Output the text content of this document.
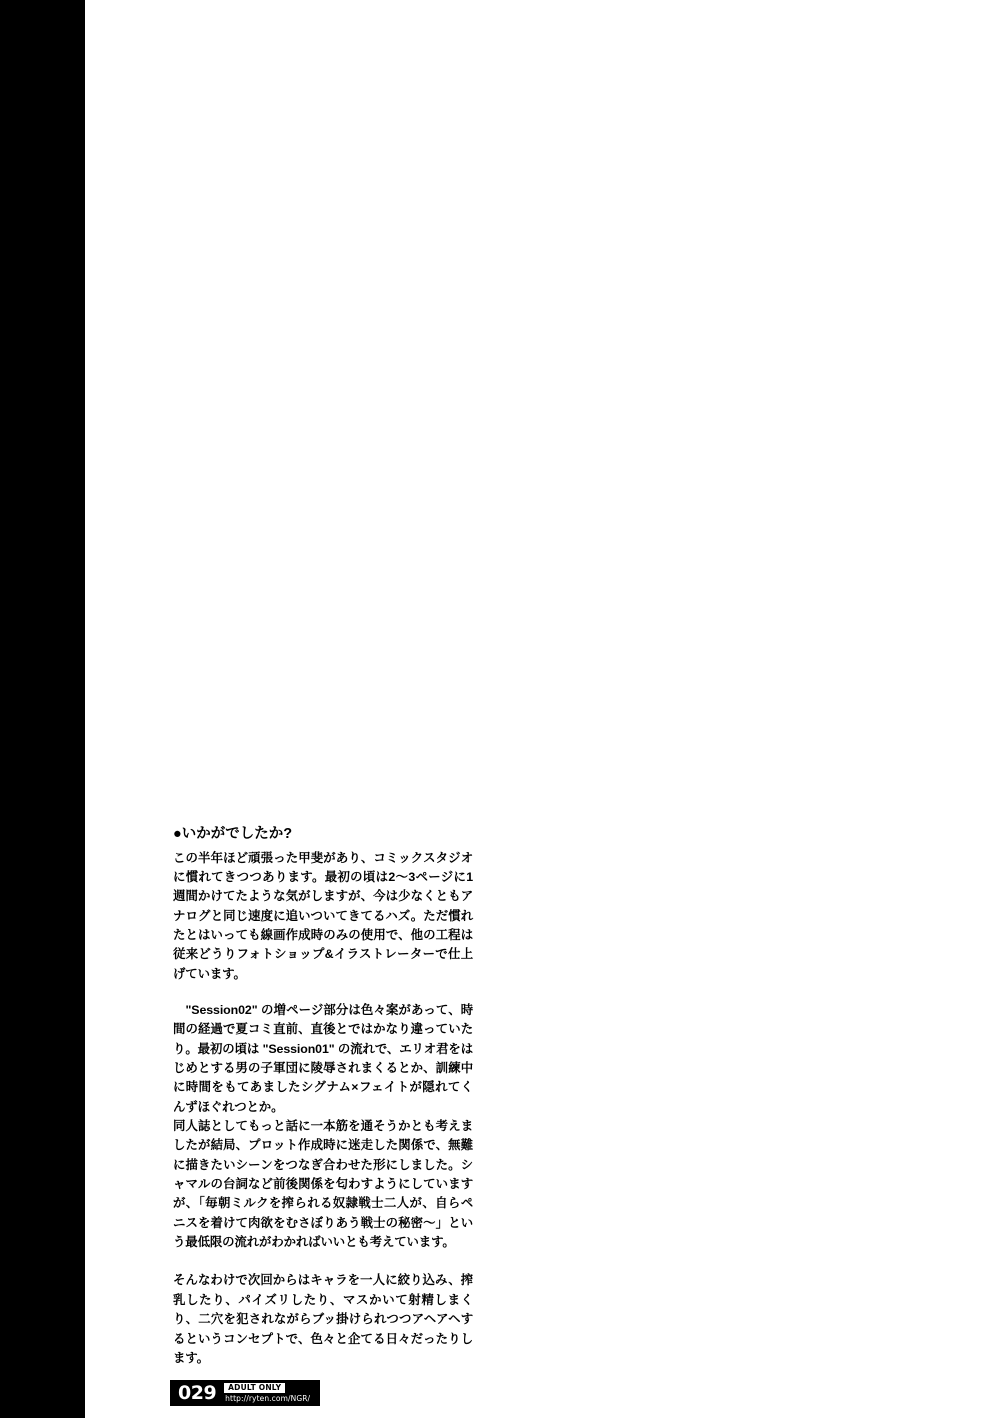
●いかがでしたか?

この半年ほど頑張った甲斐があり、コミックスタジオに慣れてきつつあります。最初の頃は2～3ページに1週間かけてたような気がしますが、今は少なくともアナログと同じ速度に追いついてきてるハズ。ただ慣れたとはいっても線画作成時のみの使用で、他の工程は従来どうりフォトショップ&イラストレーターで仕上げています。

　"Session02" の増ページ部分は色々案があって、時間の経過で夏コミ直前、直後とではかなり違っていたり。最初の頃は "Session01" の流れで、エリオ君をはじめとする男の子軍団に陵辱されまくるとか、訓練中に時間をもてあましたシグナム×フェイトが隠れてくんずほぐれつとか。

同人誌としてもっと話に一本筋を通そうかとも考えましたが結局、プロット作成時に迷走した関係で、無難に描きたいシーンをつなぎ合わせた形にしました。シャマルの台詞など前後関係を匂わすようにしていますが、「毎朝ミルクを搾られる奴隷戦士二人が、自らペニスを着けて肉欲をむさぼりあう戦士の秘密～」という最低限の流れがわかればいいとも考えています。

そんなわけで次回からはキャラを一人に絞り込み、搾乳したり、パイズリしたり、マスかいて射精しまくり、二穴を犯されながらブッ掛けられつつアヘアヘするというコンセプトで、色々と企てる日々だったりします。

029	ADULT ONLY
http://ryten.com/NGR/
